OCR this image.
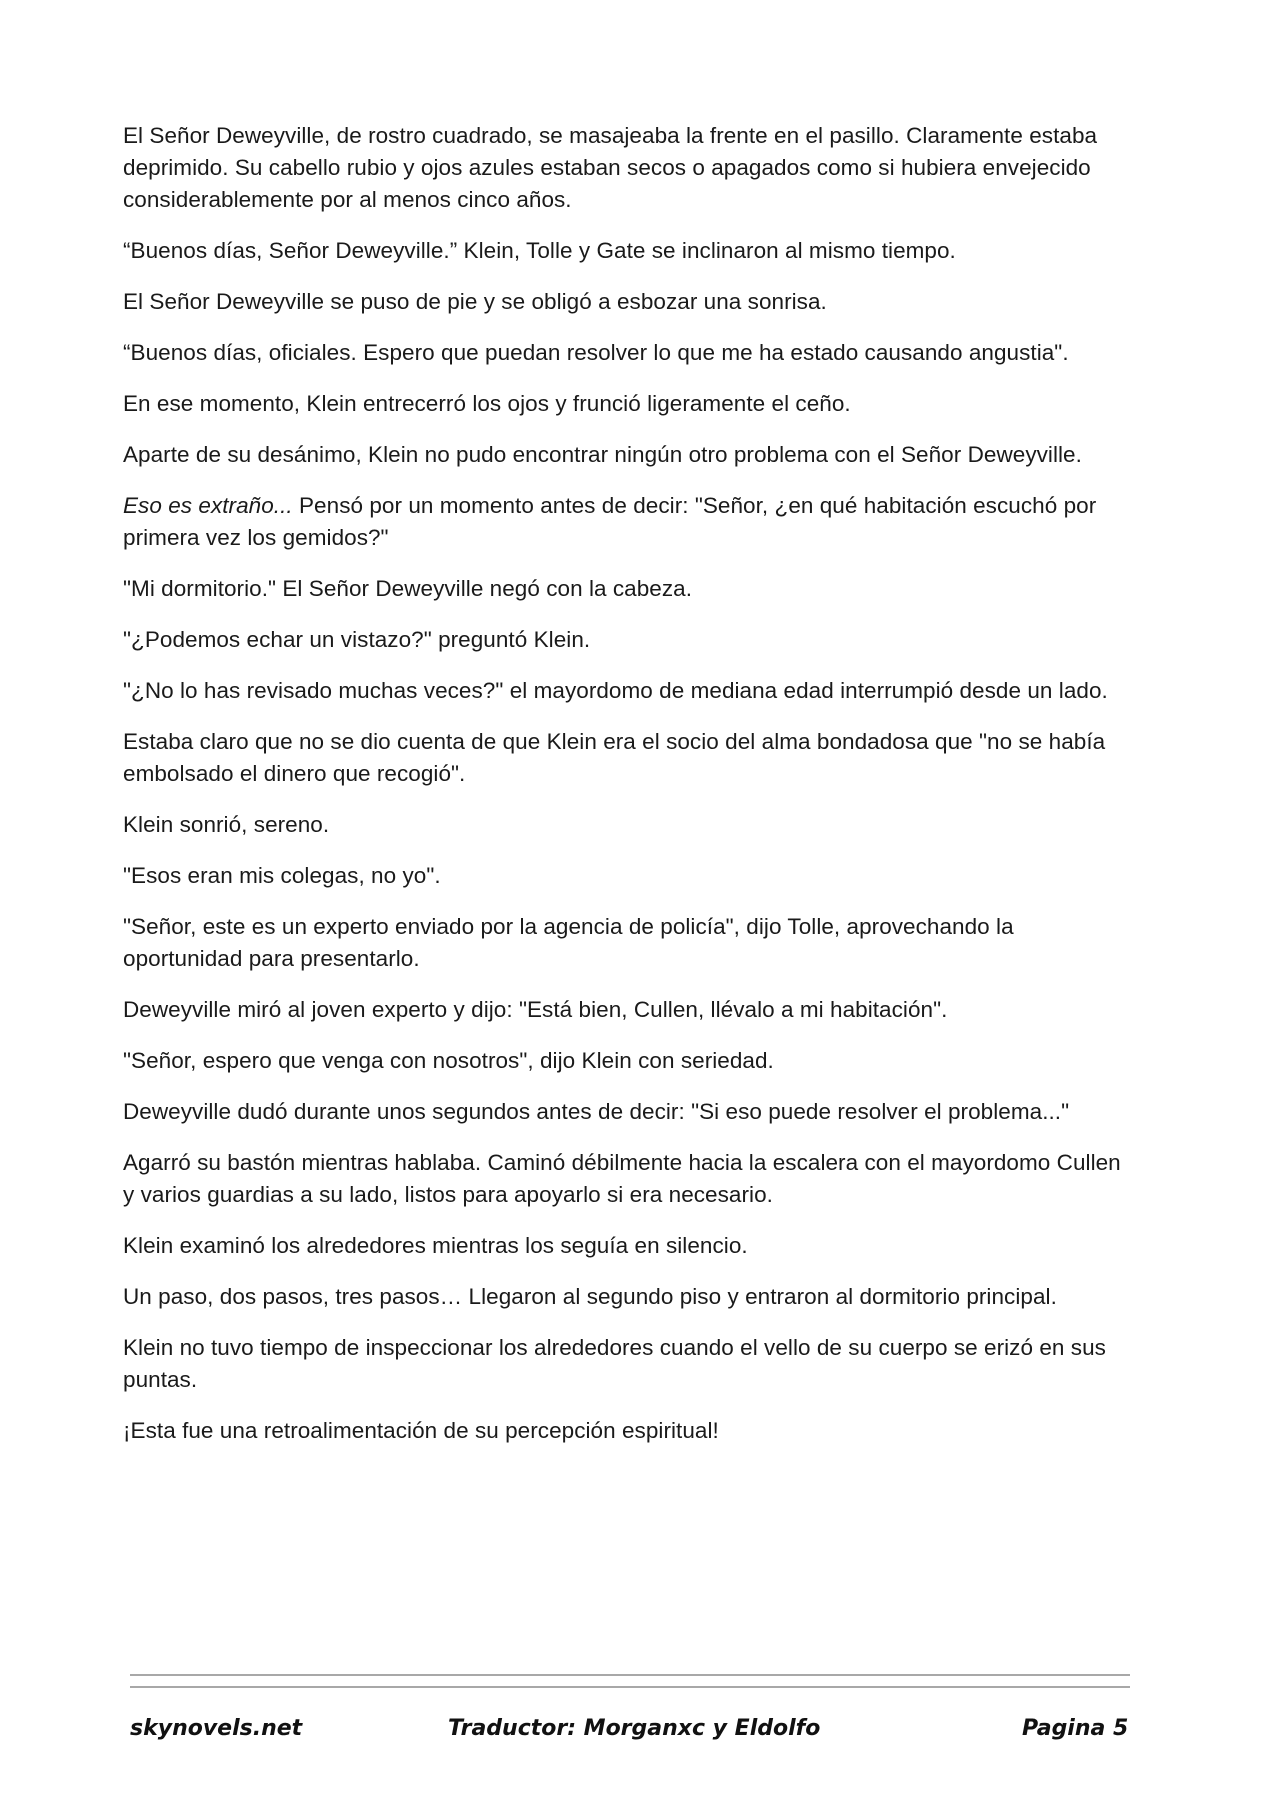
El Señor Deweyville, de rostro cuadrado, se masajeaba la frente en el pasillo. Claramente estaba deprimido. Su cabello rubio y ojos azules estaban secos o apagados como si hubiera envejecido considerablemente por al menos cinco años.

“Buenos días, Señor Deweyville.” Klein, Tolle y Gate se inclinaron al mismo tiempo.

El Señor Deweyville se puso de pie y se obligó a esbozar una sonrisa.

“Buenos días, oficiales. Espero que puedan resolver lo que me ha estado causando angustia".

En ese momento, Klein entrecerró los ojos y frunció ligeramente el ceño.

Aparte de su desánimo, Klein no pudo encontrar ningún otro problema con el Señor Deweyville.

Eso es extraño... Pensó por un momento antes de decir: "Señor, ¿en qué habitación escuchó por primera vez los gemidos?"

"Mi dormitorio." El Señor Deweyville negó con la cabeza.

"¿Podemos echar un vistazo?" preguntó Klein.

"¿No lo has revisado muchas veces?" el mayordomo de mediana edad interrumpió desde un lado.

Estaba claro que no se dio cuenta de que Klein era el socio del alma bondadosa que "no se había embolsado el dinero que recogió".

Klein sonrió, sereno.

"Esos eran mis colegas, no yo".

"Señor, este es un experto enviado por la agencia de policía", dijo Tolle, aprovechando la oportunidad para presentarlo.

Deweyville miró al joven experto y dijo: "Está bien, Cullen, llévalo a mi habitación".

"Señor, espero que venga con nosotros", dijo Klein con seriedad.

Deweyville dudó durante unos segundos antes de decir: "Si eso puede resolver el problema..."

Agarró su bastón mientras hablaba. Caminó débilmente hacia la escalera con el mayordomo Cullen y varios guardias a su lado, listos para apoyarlo si era necesario.

Klein examinó los alrededores mientras los seguía en silencio.

Un paso, dos pasos, tres pasos… Llegaron al segundo piso y entraron al dormitorio principal.

Klein no tuvo tiempo de inspeccionar los alrededores cuando el vello de su cuerpo se erizó en sus puntas.

¡Esta fue una retroalimentación de su percepción espiritual!

skynovels.net	Traductor: Morganxc y Eldolfo	Pagina 5
